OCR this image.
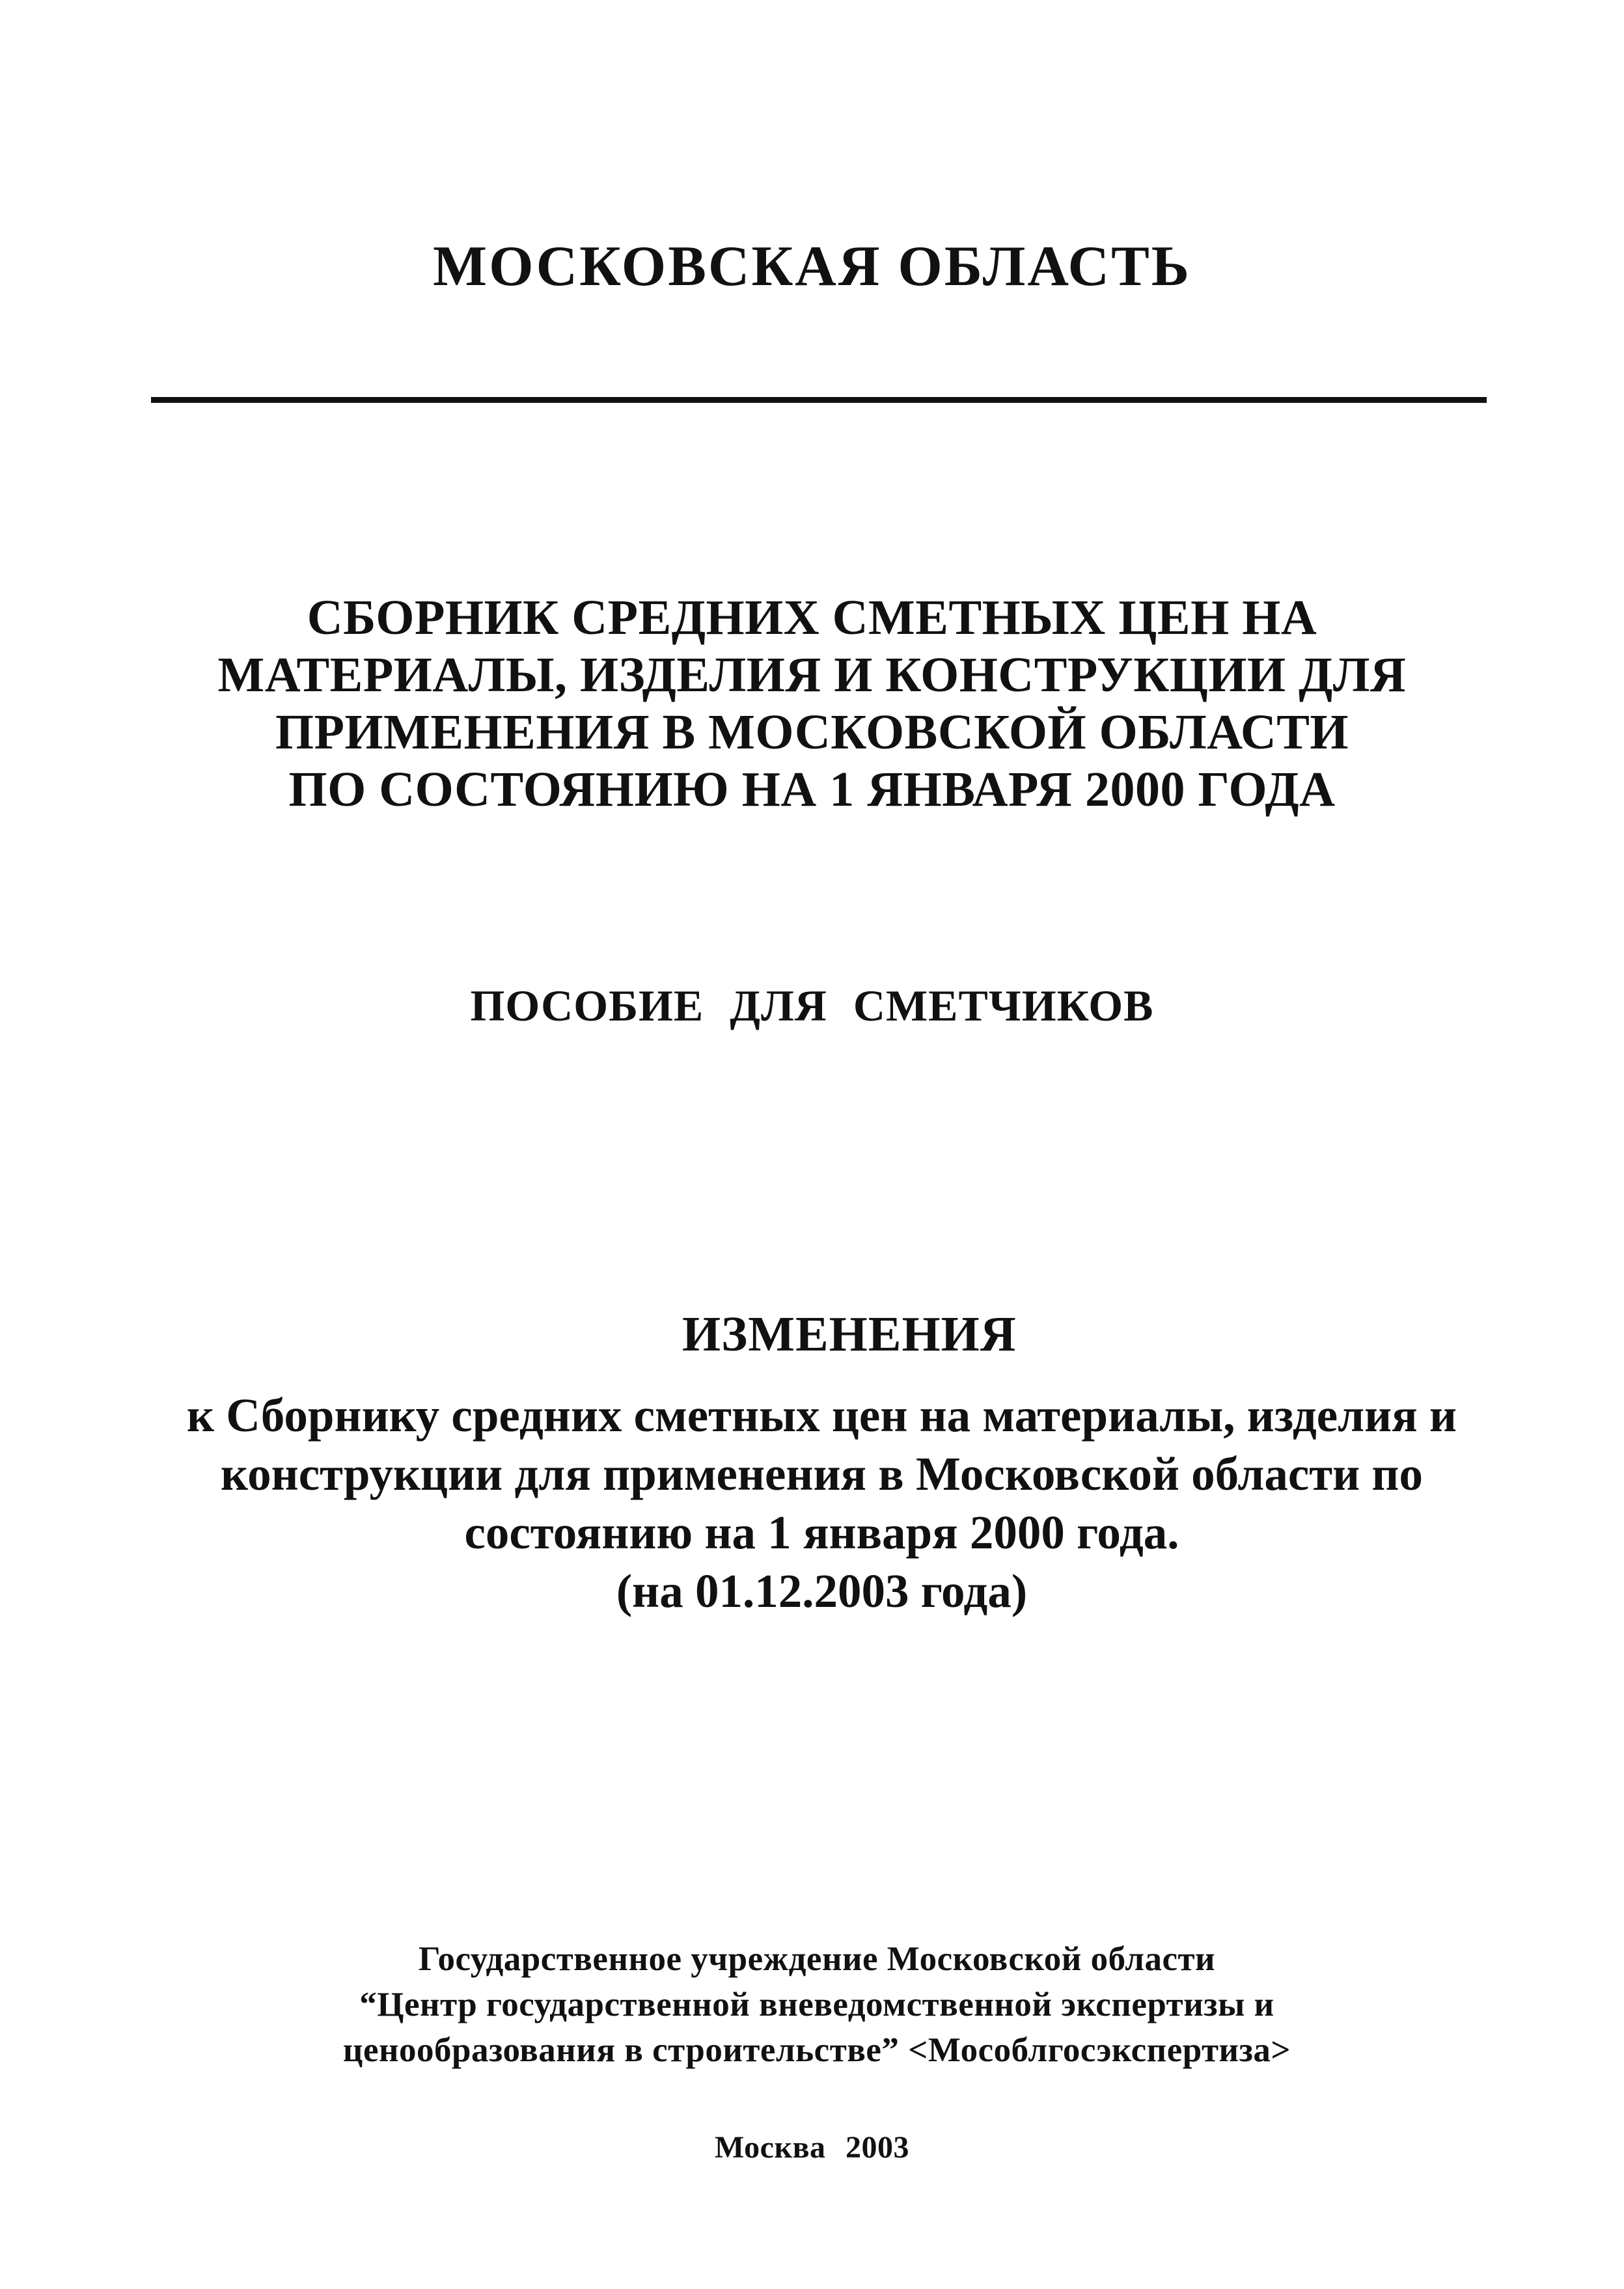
МОСКОВСКАЯ ОБЛАСТЬ
СБОРНИК СРЕДНИХ СМЕТНЫХ ЦЕН НА
МАТЕРИАЛЫ, ИЗДЕЛИЯ И КОНСТРУКЦИИ ДЛЯ
ПРИМЕНЕНИЯ В МОСКОВСКОЙ ОБЛАСТИ
ПО СОСТОЯНИЮ НА 1 ЯНВАРЯ 2000 ГОДА
ПОСОБИЕ ДЛЯ СМЕТЧИКОВ
ИЗМЕНЕНИЯ
к Сборнику средних сметных цен на материалы, изделия и
конструкции для применения в Московской области по
состоянию на 1 января 2000 года.
(на 01.12.2003 года)
Государственное учреждение Московской области
“Центр государственной вневедомственной экспертизы и
ценообразования в строительстве” <Мособлгосэкспертиза>
Москва 2003
